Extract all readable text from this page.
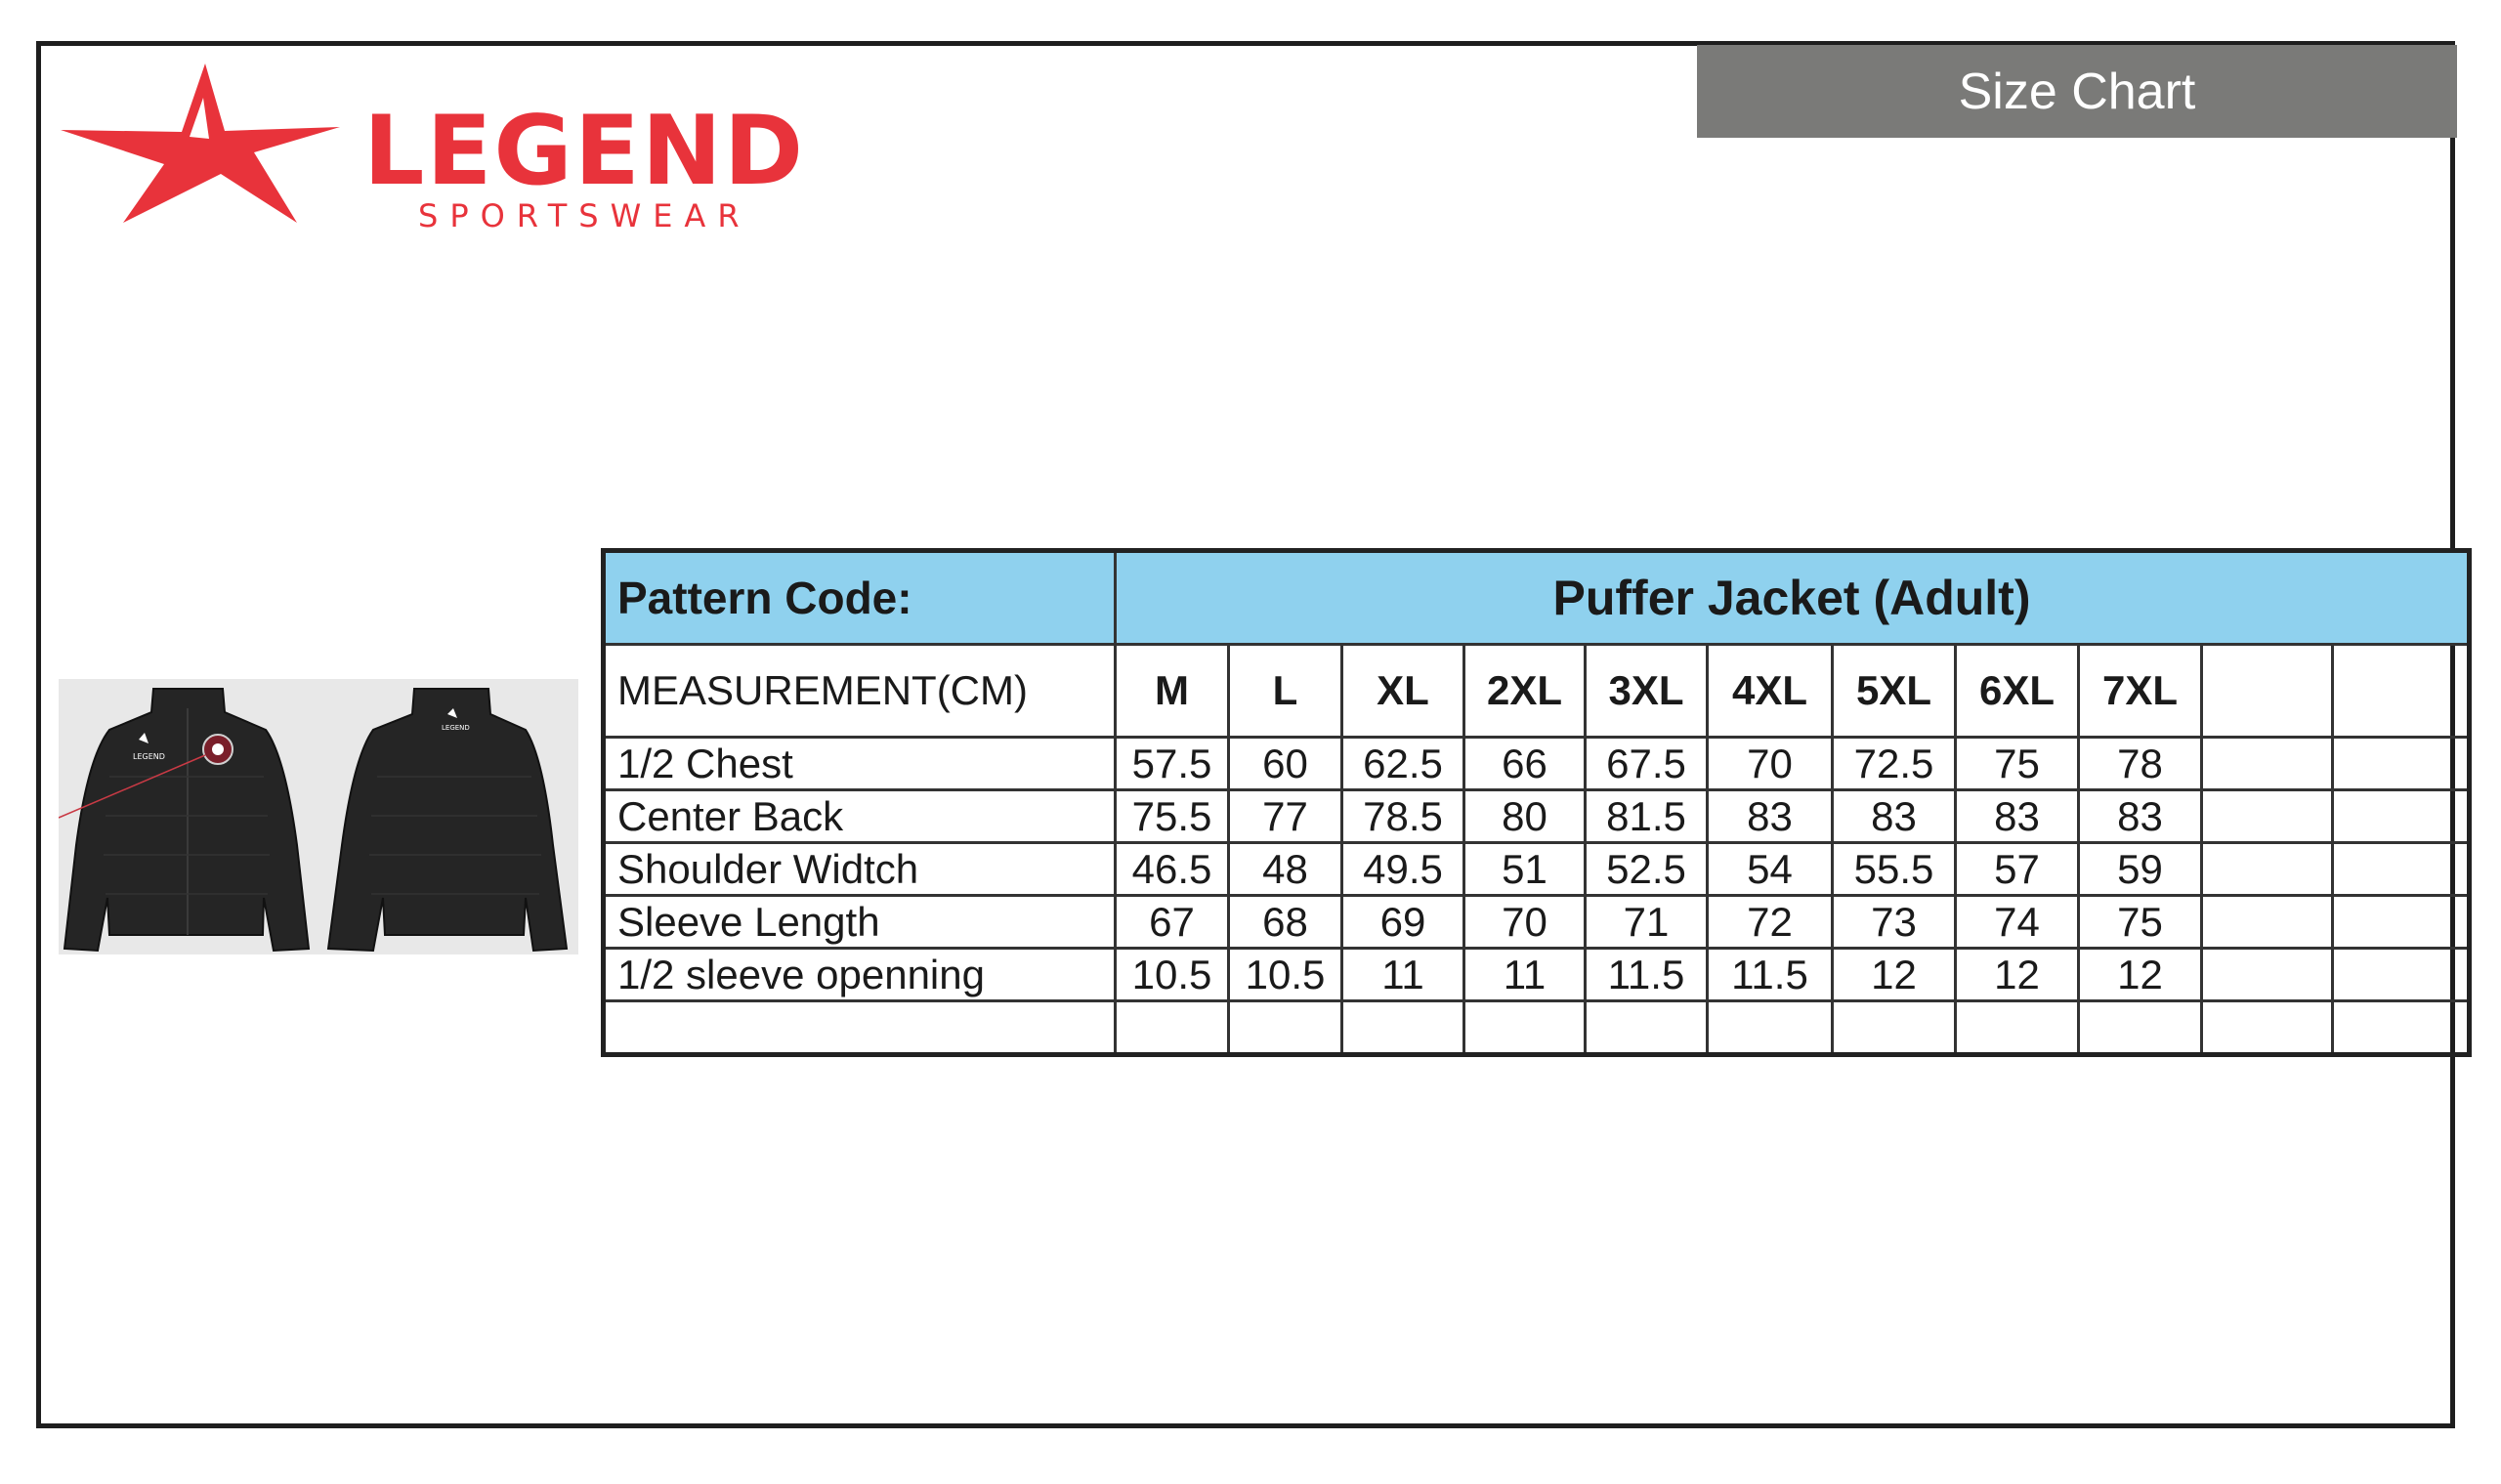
Size Chart
LEGEND
SPORTSWEAR
LEGEND
LEGEND
Pattern Code:	Puffer Jacket (Adult)										
MEASUREMENT(CM)	M	L	XL	2XL	3XL	4XL	5XL	6XL	7XL		
1/2 Chest	57.5	60	62.5	66	67.5	70	72.5	75	78		
Center Back	75.5	77	78.5	80	81.5	83	83	83	83		
Shoulder Widtch	46.5	48	49.5	51	52.5	54	55.5	57	59		
Sleeve Length	67	68	69	70	71	72	73	74	75		
1/2 sleeve openning	10.5	10.5	11	11	11.5	11.5	12	12	12		
